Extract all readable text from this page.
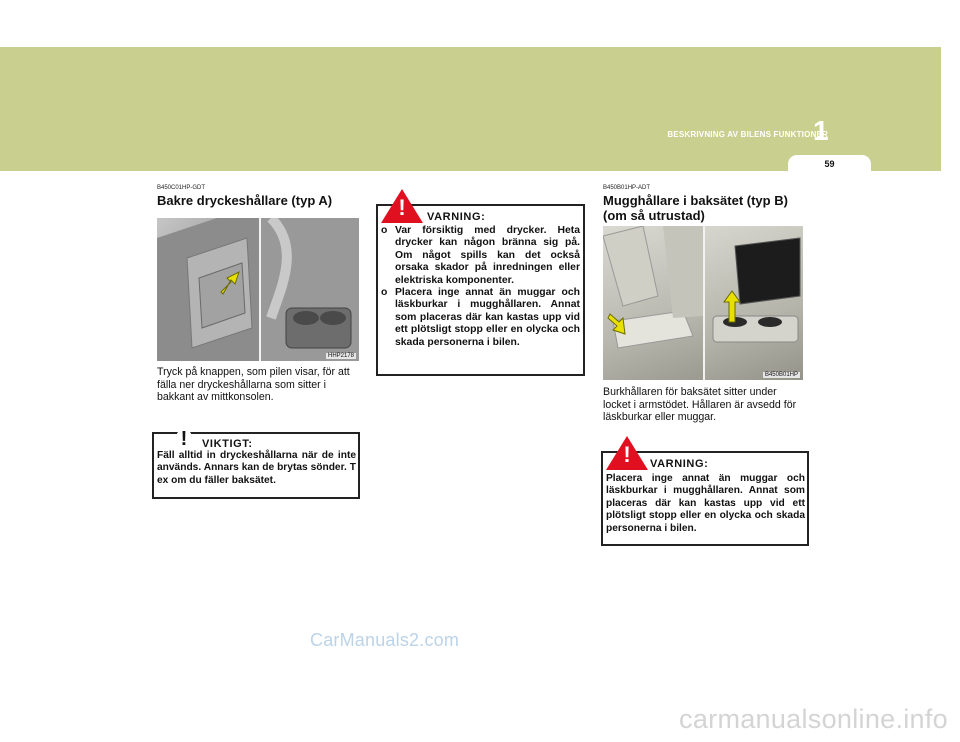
BESKRIVNING AV BILENS FUNKTIONER
1
59
B450C01HP-GDT
Bakre dryckeshållare (typ A)
HHP2178
Tryck på knappen, som pilen visar, för att fälla ner dryckeshållarna som sitter i bakkant av mittkonsolen.
!	VIKTIGT:
Fäll alltid in dryckeshållarna när de inte används. Annars kan de brytas sönder. T ex om du fäller baksätet.
!	VARNING:
o Var försiktig med drycker. Heta drycker kan någon bränna sig på. Om något spills kan det också orsaka skador på inredningen eller elektriska komponenter.
o Placera inge annat än muggar och läskburkar i mugghållaren. Annat som placeras där kan kastas upp vid ett plötsligt stopp eller en olycka och skada personerna i bilen.
B450B01HP-ADT
Mugghållare i baksätet (typ B) (om så utrustad)
B450B01HP
Burkhållaren för baksätet sitter under locket i armstödet. Hållaren är avsedd för läskburkar eller muggar.
!	VARNING:
Placera inge annat än muggar och läskburkar i mugghållaren. Annat som placeras där kan kastas upp vid ett plötsligt stopp eller en olycka och skada personerna i bilen.
CarManuals2.com
carmanualsonline.info
